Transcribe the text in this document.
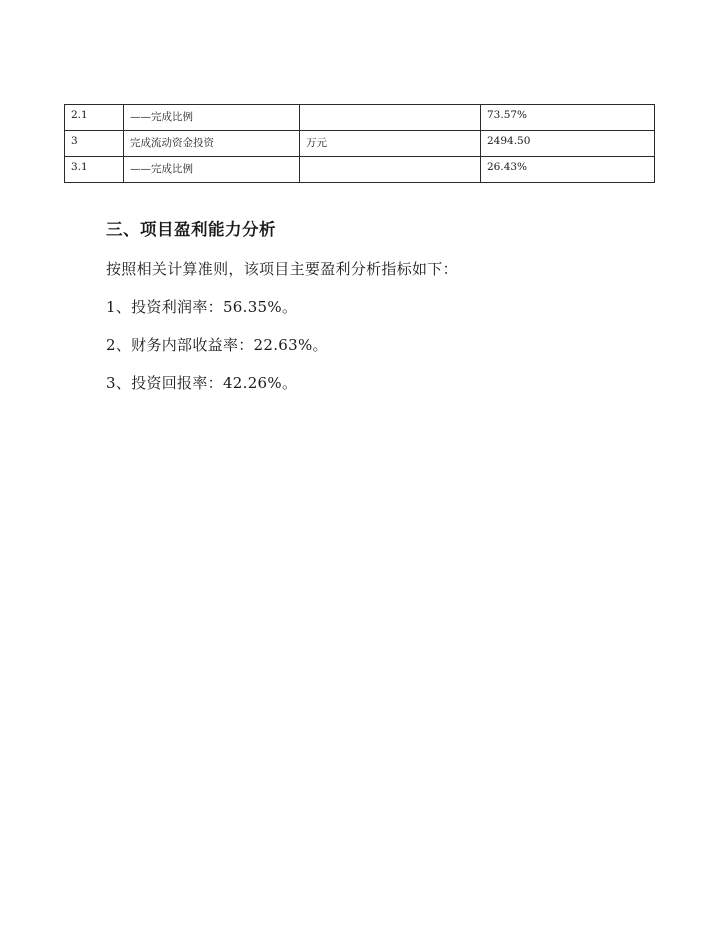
2.1	——完成比例		73.57%
3	完成流动资金投资	万元	2494.50
3.1	——完成比例		26.43%
三、项目盈利能力分析

按照相关计算准则，该项目主要盈利分析指标如下：

1、投资利润率：56.35%。

2、财务内部收益率：22.63%。

3、投资回报率：42.26%。
